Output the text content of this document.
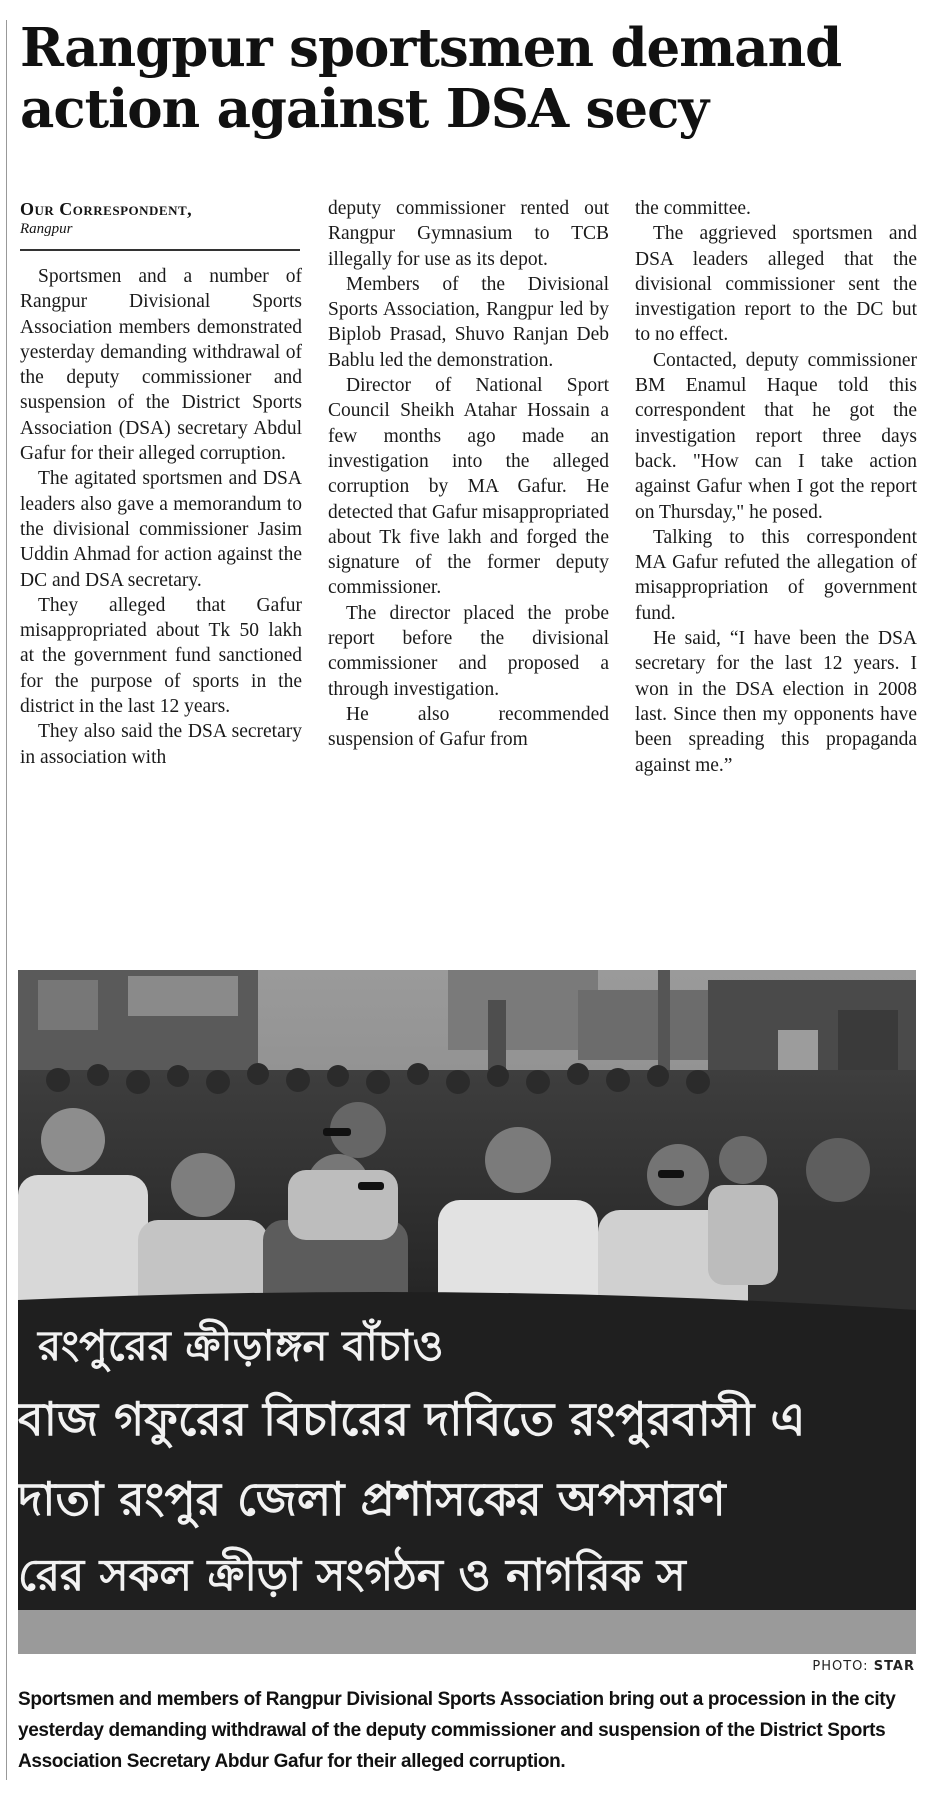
Rangpur sportsmen demand
action against DSA secy
Our Correspondent,
Rangpur

Sportsmen and a number of Rangpur Divisional Sports Association members demonstrated yesterday demanding withdrawal of the deputy commissioner and suspension of the District Sports Association (DSA) secretary Abdul Gafur for their alleged corruption.

The agitated sportsmen and DSA leaders also gave a memorandum to the divisional commissioner Jasim Uddin Ahmad for action against the DC and DSA secretary.

They alleged that Gafur misappropriated about Tk 50 lakh at the government fund sanctioned for the purpose of sports in the district in the last 12 years.

They also said the DSA secretary in association with

deputy commissioner rented out Rangpur Gymnasium to TCB illegally for use as its depot.

Members of the Divisional Sports Association, Rangpur led by Biplob Prasad, Shuvo Ranjan Deb Bablu led the demonstration.

Director of National Sport Council Sheikh Atahar Hossain a few months ago made an investigation into the alleged corruption by MA Gafur. He detected that Gafur misappropriated about Tk five lakh and forged the signature of the former deputy commissioner.

The director placed the probe report before the divisional commissioner and proposed a through investigation.

He also recommended suspension of Gafur from

the committee.

The aggrieved sportsmen and DSA leaders alleged that the divisional commissioner sent the investigation report to the DC but to no effect.

Contacted, deputy commissioner BM Enamul Haque told this correspondent that he got the investigation report three days back. "How can I take action against Gafur when I got the report on Thursday," he posed.

Talking to this correspondent MA Gafur refuted the allegation of misappropriation of government fund.

He said, “I have been the DSA secretary for the last 12 years. I won in the DSA election in 2008 last. Since then my opponents have been spreading this propaganda against me.”

রংপুরের ক্রীড়াঙ্গন বাঁচাও
বাজ গফুরের বিচারের দাবিতে রংপুরবাসী এ
দাতা রংপুর জেলা প্রশাসকের অপসারণ
রের সকল ক্রীড়া সংগঠন ও নাগরিক স
PHOTO: STAR

Sportsmen and members of Rangpur Divisional Sports Association bring out a procession in the city yesterday demanding withdrawal of the deputy commissioner and suspension of the District Sports Association Secretary Abdur Gafur for their alleged corruption.
